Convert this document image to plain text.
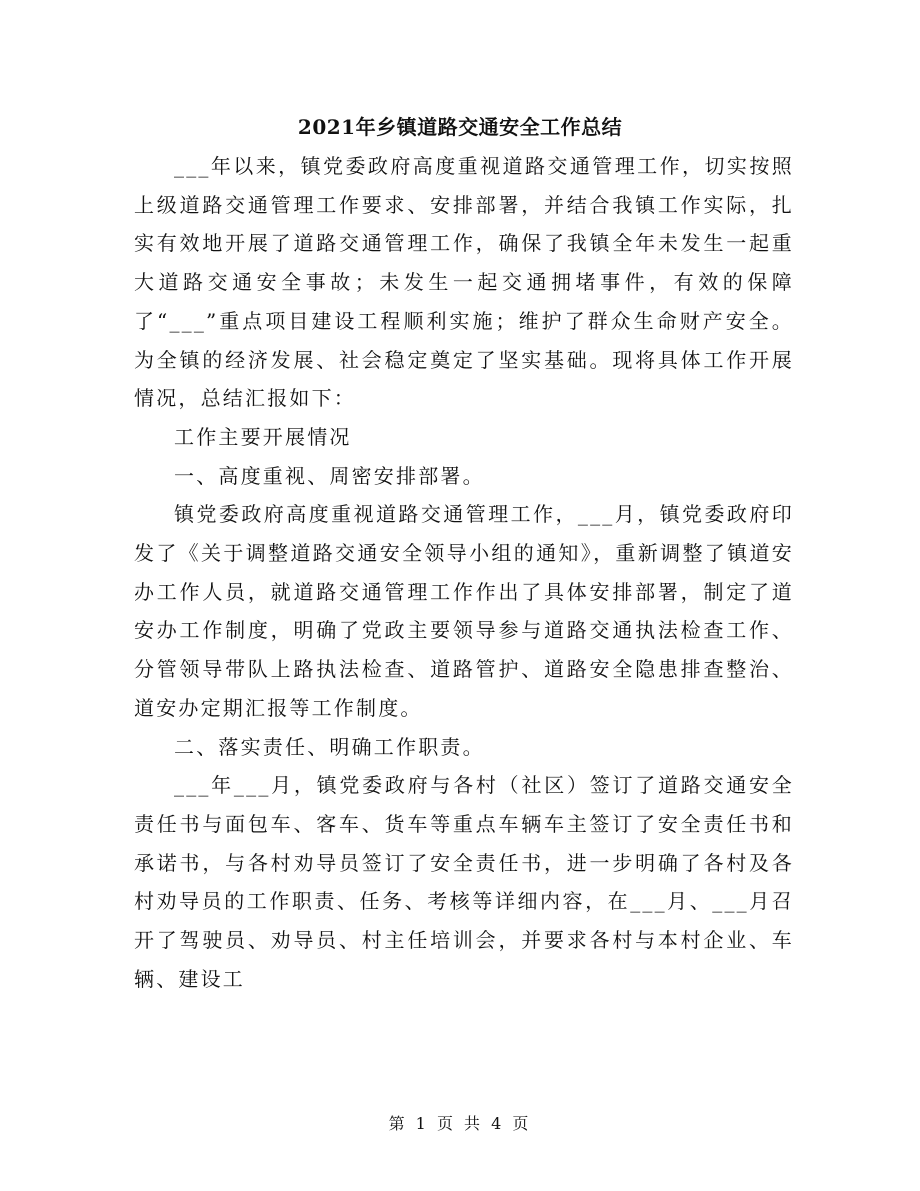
2021年乡镇道路交通安全工作总结

___年以来，镇党委政府高度重视道路交通管理工作，切实按照上级道路交通管理工作要求、安排部署，并结合我镇工作实际，扎实有效地开展了道路交通管理工作，确保了我镇全年未发生一起重大道路交通安全事故；未发生一起交通拥堵事件，有效的保障了“___”重点项目建设工程顺利实施；维护了群众生命财产安全。为全镇的经济发展、社会稳定奠定了坚实基础。现将具体工作开展情况，总结汇报如下：

工作主要开展情况

一、高度重视、周密安排部署。

镇党委政府高度重视道路交通管理工作，___月，镇党委政府印发了《关于调整道路交通安全领导小组的通知》，重新调整了镇道安办工作人员，就道路交通管理工作作出了具体安排部署，制定了道安办工作制度，明确了党政主要领导参与道路交通执法检查工作、分管领导带队上路执法检查、道路管护、道路安全隐患排查整治、道安办定期汇报等工作制度。

二、落实责任、明确工作职责。

___年___月，镇党委政府与各村（社区）签订了道路交通安全责任书与面包车、客车、货车等重点车辆车主签订了安全责任书和承诺书，与各村劝导员签订了安全责任书，进一步明确了各村及各村劝导员的工作职责、任务、考核等详细内容，在___月、___月召开了驾驶员、劝导员、村主任培训会，并要求各村与本村企业、车辆、建设工

第 1 页 共 4 页
